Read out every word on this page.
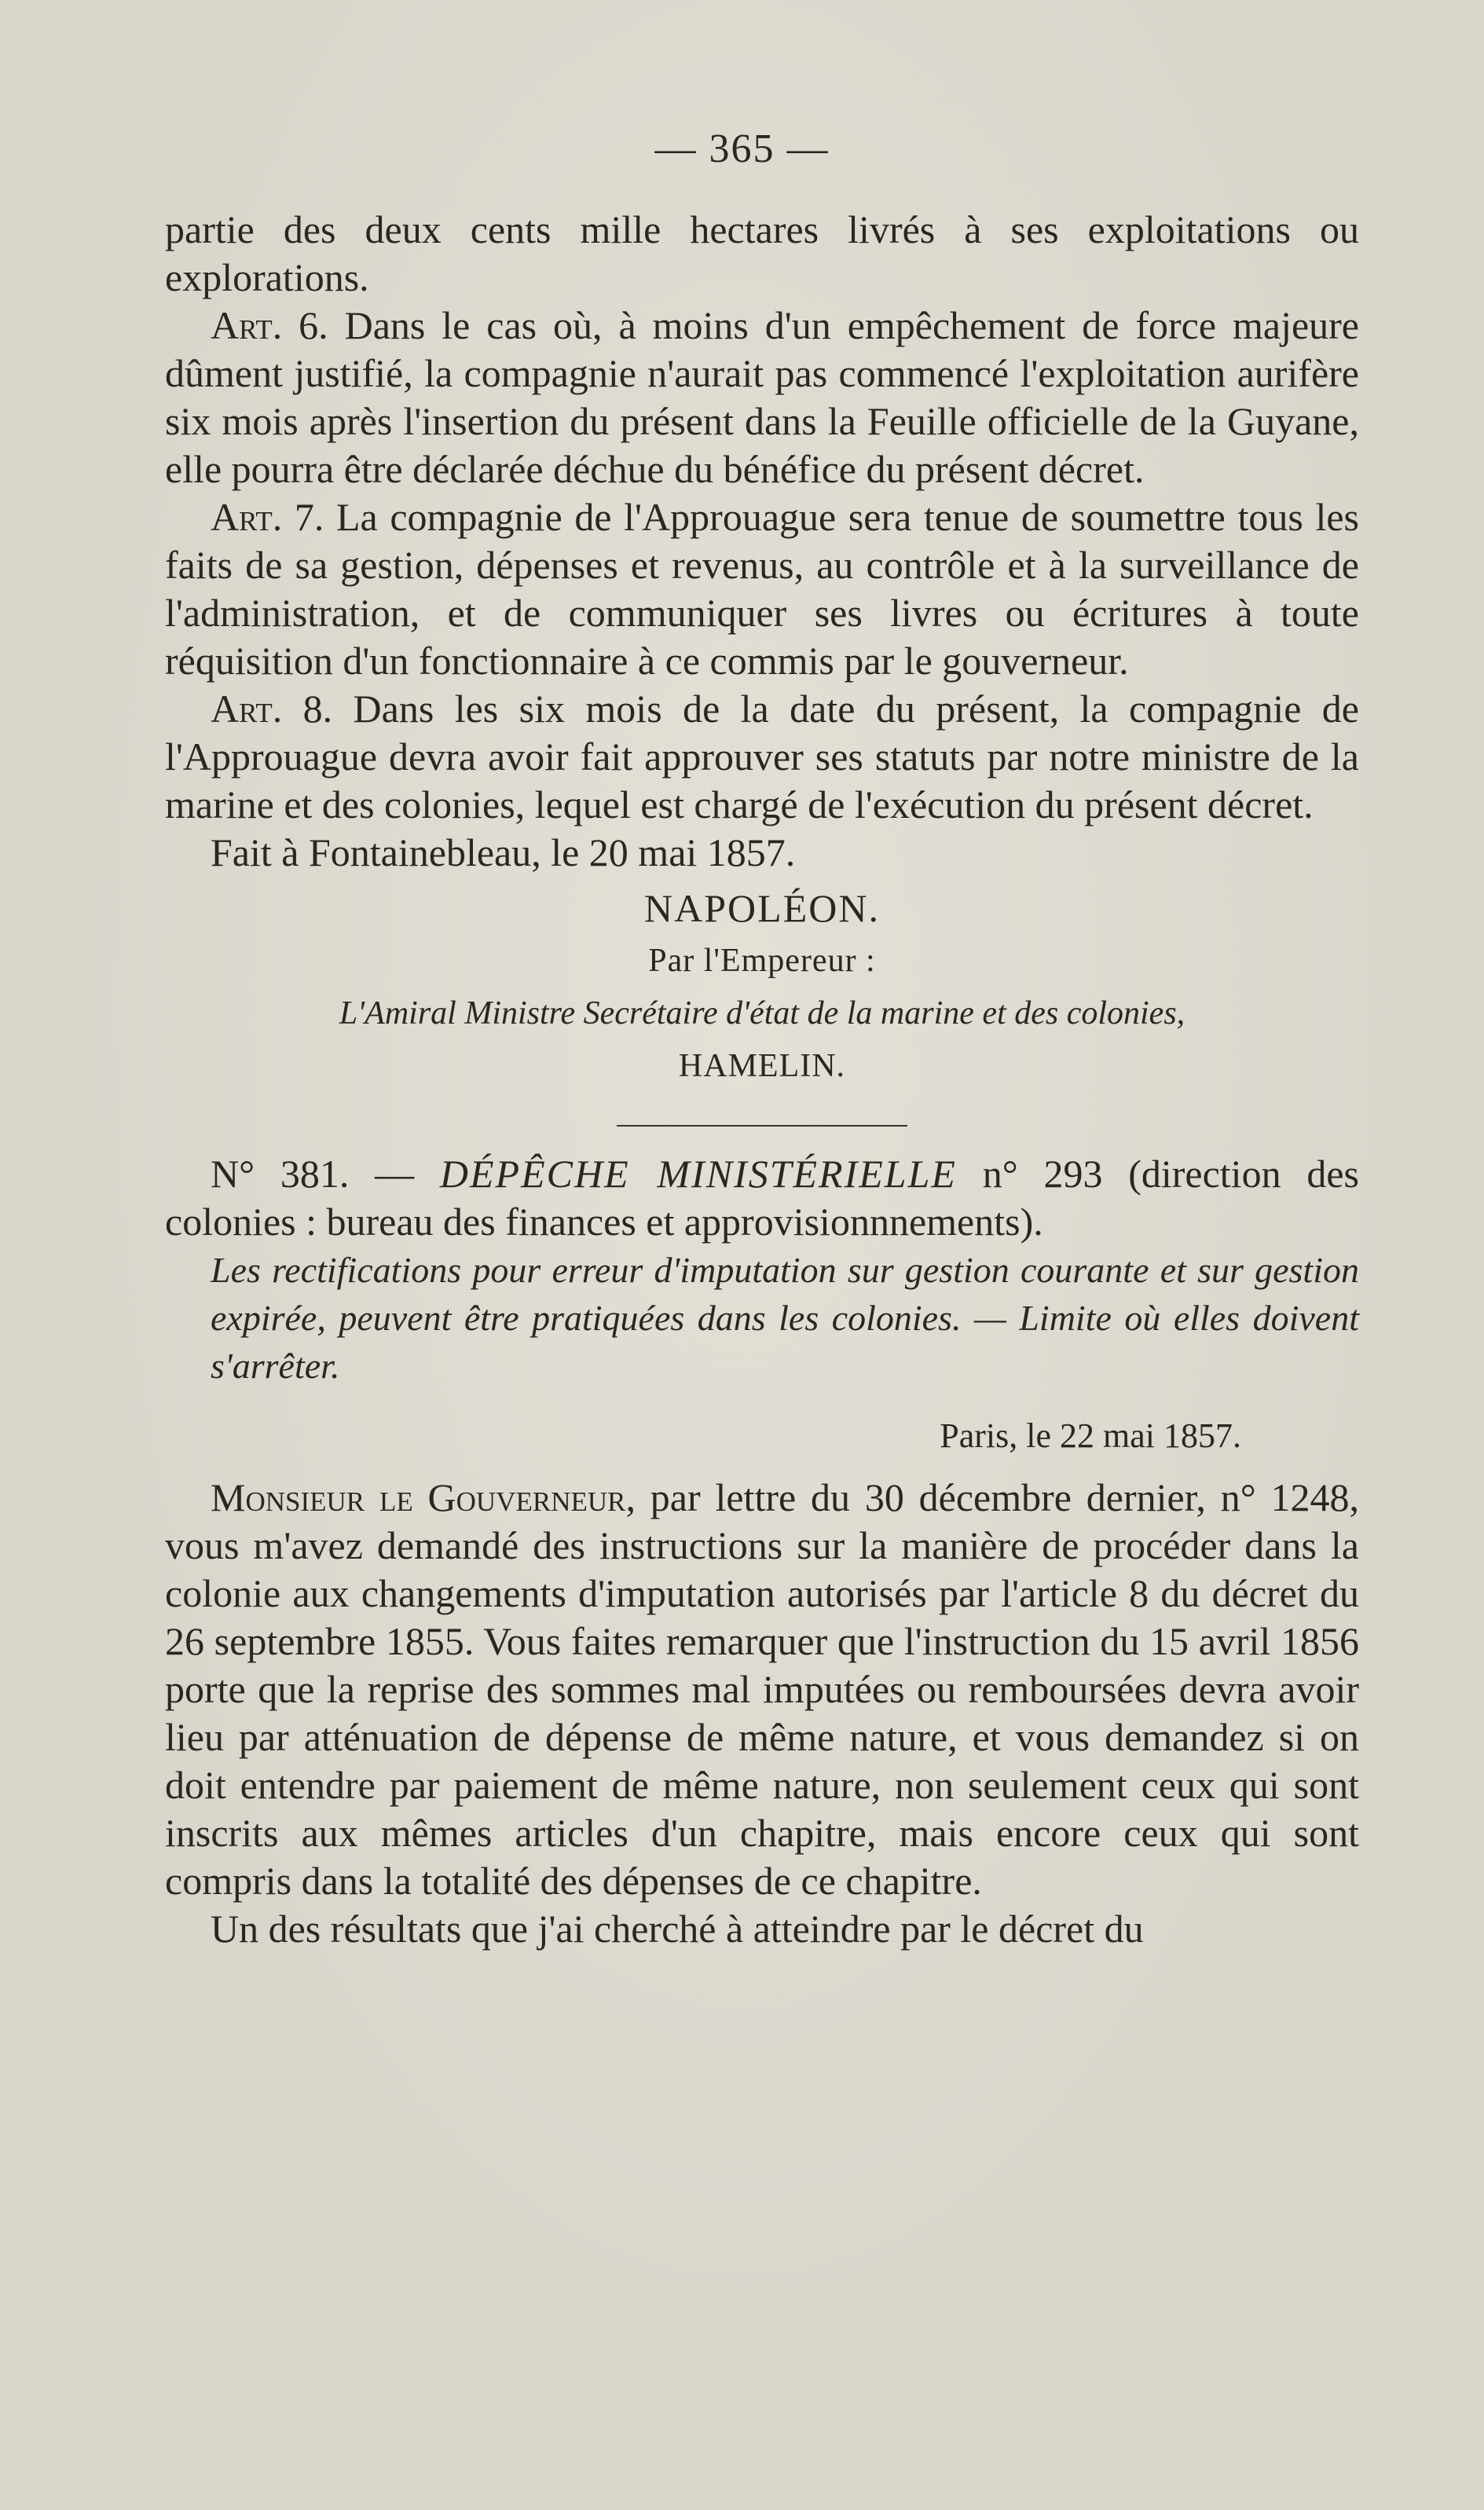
— 365 —

partie des deux cents mille hectares livrés à ses exploitations ou explorations.

Art. 6. Dans le cas où, à moins d'un empêchement de force majeure dûment justifié, la compagnie n'aurait pas commencé l'exploitation aurifère six mois après l'insertion du présent dans la Feuille officielle de la Guyane, elle pourra être déclarée déchue du bénéfice du présent décret.

Art. 7. La compagnie de l'Approuague sera tenue de soumettre tous les faits de sa gestion, dépenses et revenus, au contrôle et à la surveillance de l'administration, et de communiquer ses livres ou écritures à toute réquisition d'un fonctionnaire à ce commis par le gouverneur.

Art. 8. Dans les six mois de la date du présent, la compagnie de l'Approuague devra avoir fait approuver ses statuts par notre ministre de la marine et des colonies, lequel est chargé de l'exécution du présent décret.

Fait à Fontainebleau, le 20 mai 1857.

NAPOLÉON.
Par l'Empereur :
L'Amiral Ministre Secrétaire d'état de la marine et des colonies,
HAMELIN.

N° 381. — DÉPÊCHE MINISTÉRIELLE n° 293 (direction des colonies : bureau des finances et approvisionnnements).

Les rectifications pour erreur d'imputation sur gestion courante et sur gestion expirée, peuvent être pratiquées dans les colonies. — Limite où elles doivent s'arrêter.

Paris, le 22 mai 1857.

Monsieur le Gouverneur, par lettre du 30 décembre dernier, n° 1248, vous m'avez demandé des instructions sur la manière de procéder dans la colonie aux changements d'imputation autorisés par l'article 8 du décret du 26 septembre 1855. Vous faites remarquer que l'instruction du 15 avril 1856 porte que la reprise des sommes mal imputées ou remboursées devra avoir lieu par atténuation de dépense de même nature, et vous demandez si on doit entendre par paiement de même nature, non seulement ceux qui sont inscrits aux mêmes articles d'un chapitre, mais encore ceux qui sont compris dans la totalité des dépenses de ce chapitre.

Un des résultats que j'ai cherché à atteindre par le décret du
